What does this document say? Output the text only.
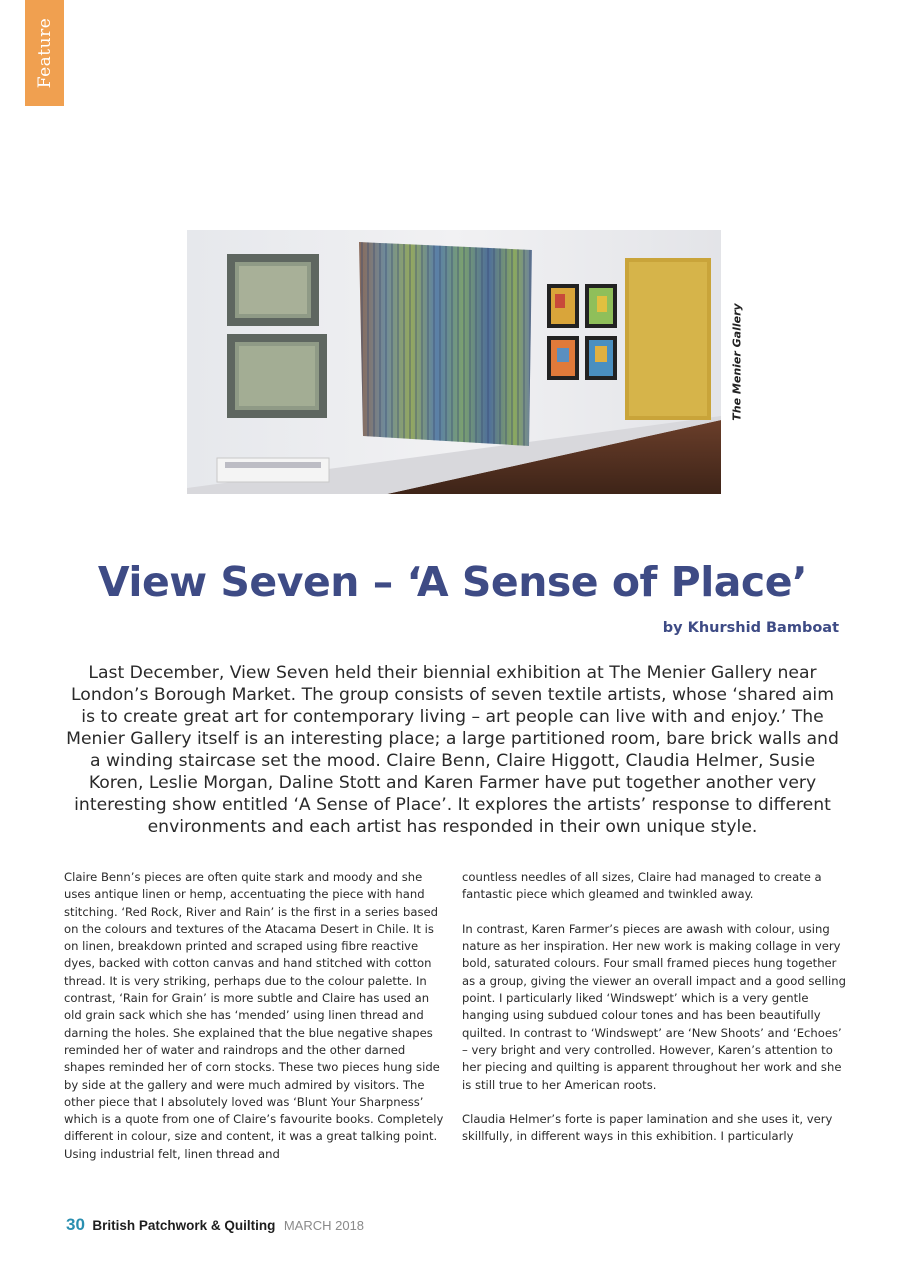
Feature
The Menier Gallery
View Seven – ‘A Sense of Place’
by Khurshid Bamboat

Last December, View Seven held their biennial exhibition at The Menier Gallery near London’s Borough Market. The group consists of seven textile artists, whose ‘shared aim is to create great art for contemporary living – art people can live with and enjoy.’ The Menier Gallery itself is an interesting place; a large partitioned room, bare brick walls and a winding staircase set the mood. Claire Benn, Claire Higgott, Claudia Helmer, Susie Koren, Leslie Morgan, Daline Stott and Karen Farmer have put together another very interesting show entitled ‘A Sense of Place’. It explores the artists’ response to different environments and each artist has responded in their own unique style.

Claire Benn’s pieces are often quite stark and moody and she uses antique linen or hemp, accentuating the piece with hand stitching. ‘Red Rock, River and Rain’ is the first in a series based on the colours and textures of the Atacama Desert in Chile. It is on linen, breakdown printed and scraped using fibre reactive dyes, backed with cotton canvas and hand stitched with cotton thread. It is very striking, perhaps due to the colour palette. In contrast, ‘Rain for Grain’ is more subtle and Claire has used an old grain sack which she has ‘mended’ using linen thread and darning the holes. She explained that the blue negative shapes reminded her of water and raindrops and the other darned shapes reminded her of corn stocks. These two pieces hung side by side at the gallery and were much admired by visitors. The other piece that I absolutely loved was ‘Blunt Your Sharpness’ which is a quote from one of Claire’s favourite books. Completely different in colour, size and content, it was a great talking point. Using industrial felt, linen thread and

countless needles of all sizes, Claire had managed to create a fantastic piece which gleamed and twinkled away.

In contrast, Karen Farmer’s pieces are awash with colour, using nature as her inspiration. Her new work is making collage in very bold, saturated colours. Four small framed pieces hung together as a group, giving the viewer an overall impact and a good selling point. I particularly liked ‘Windswept’ which is a very gentle hanging using subdued colour tones and has been beautifully quilted. In contrast to ‘Windswept’ are ‘New Shoots’ and ‘Echoes’ – very bright and very controlled. However, Karen’s attention to her piecing and quilting is apparent throughout her work and she is still true to her American roots.

Claudia Helmer’s forte is paper lamination and she uses it, very skillfully, in different ways in this exhibition. I particularly

30 British Patchwork & Quilting MARCH 2018
